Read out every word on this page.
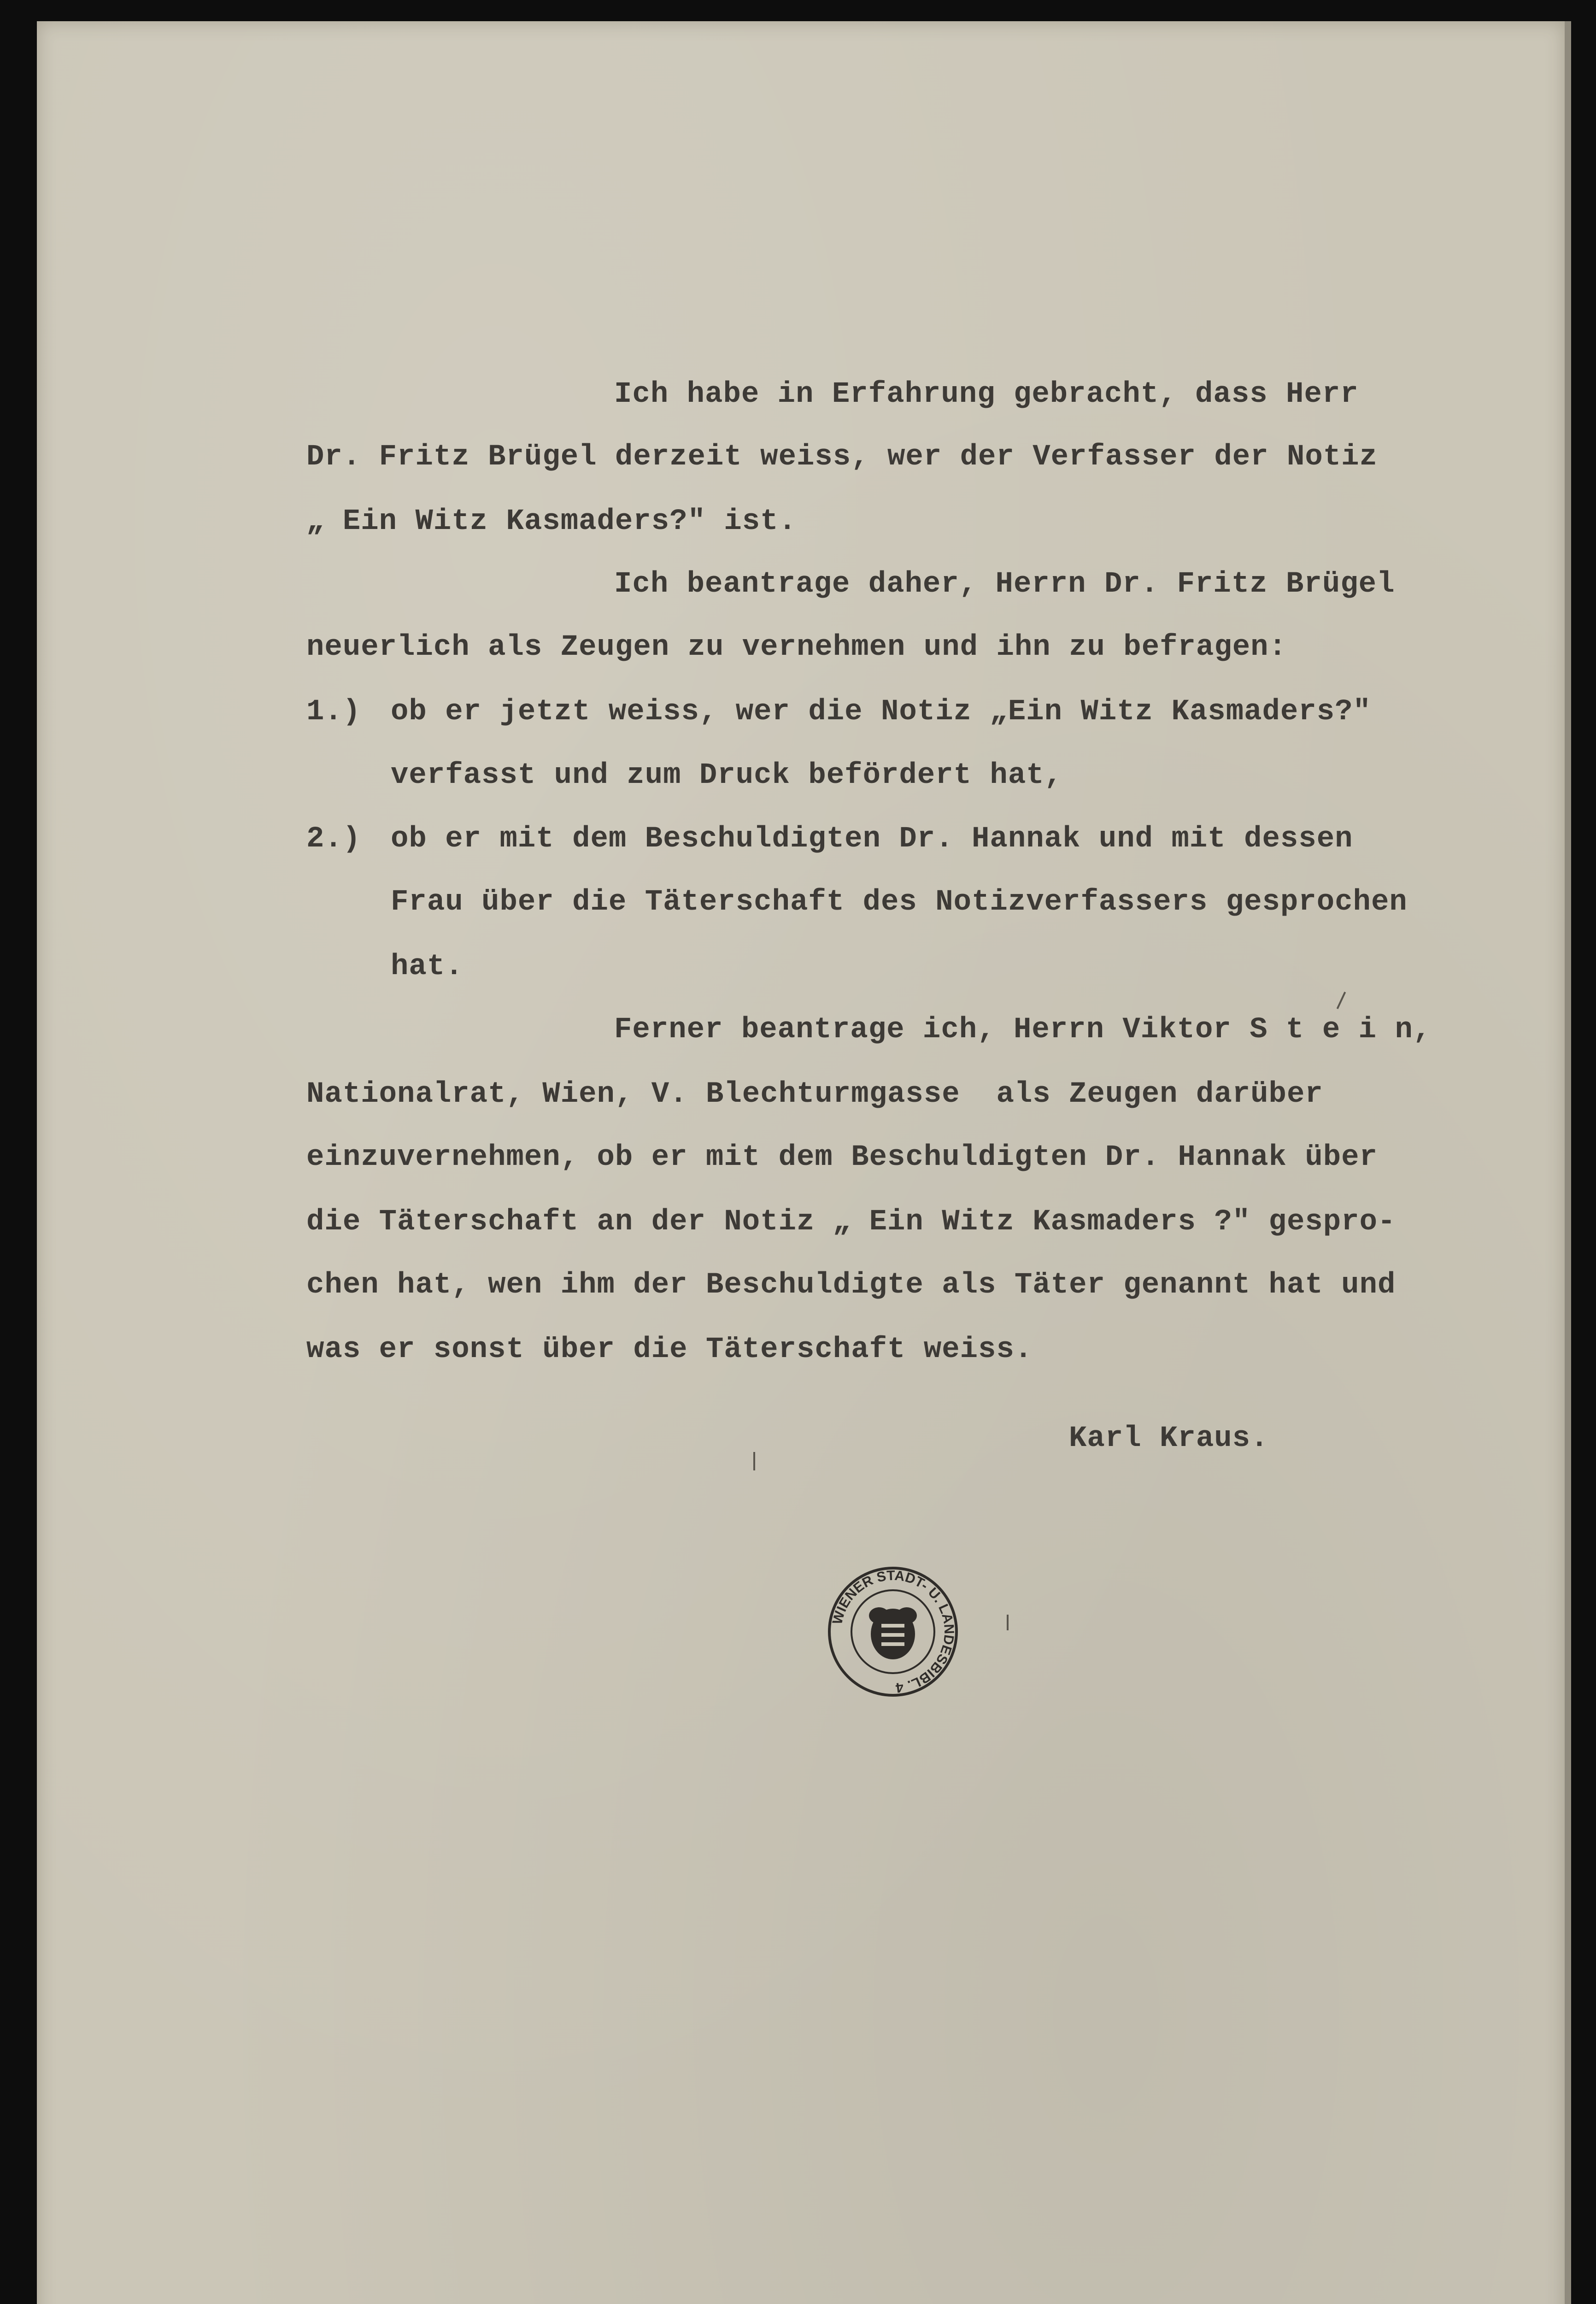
Ich habe in Erfahrung gebracht, dass Herr
Dr. Fritz Brügel derzeit weiss, wer der Verfasser der Notiz
„ Ein Witz Kasmaders?" ist.
Ich beantrage daher, Herrn Dr. Fritz Brügel
neuerlich als Zeugen zu vernehmen und ihn zu befragen:
1.) ob er jetzt weiss, wer die Notiz „Ein Witz Kasmaders?"
verfasst und zum Druck befördert hat,
2.) ob er mit dem Beschuldigten Dr. Hannak und mit dessen
Frau über die Täterschaft des Notizverfassers gesprochen
hat.
Ferner beantrage ich, Herrn Viktor S t e i n,
Nationalrat, Wien, V. Blechturmgasse  als Zeugen darüber
einzuvernehmen, ob er mit dem Beschuldigten Dr. Hannak über
die Täterschaft an der Notiz „ Ein Witz Kasmaders ?" gespro-
chen hat, wen ihm der Beschuldigte als Täter genannt hat und
was er sonst über die Täterschaft weiss.
Karl Kraus.
WIENER STADT- U. LANDESBIBL. 4
